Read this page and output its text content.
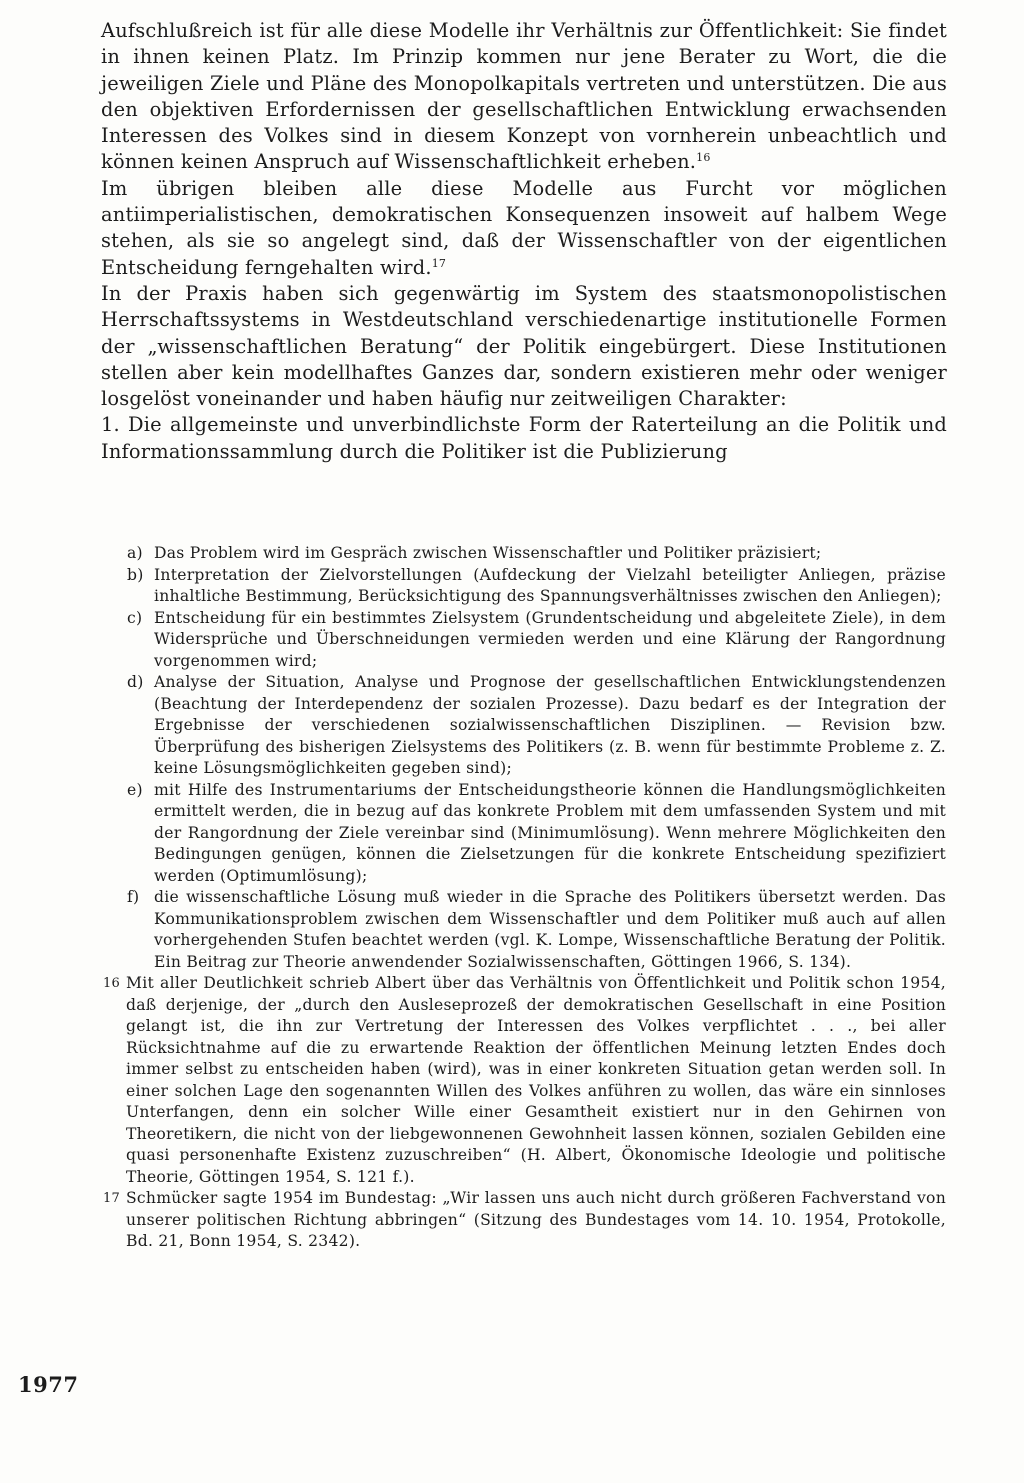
Aufschlußreich ist für alle diese Modelle ihr Verhältnis zur Öffentlichkeit: Sie findet in ihnen keinen Platz. Im Prinzip kommen nur jene Berater zu Wort, die die jeweiligen Ziele und Pläne des Monopolkapitals vertreten und unterstützen. Die aus den objektiven Erfordernissen der gesellschaftlichen Entwicklung erwachsenden Interessen des Volkes sind in diesem Konzept von vornherein unbeachtlich und können keinen Anspruch auf Wissenschaftlichkeit erheben.$^{16}$

Im übrigen bleiben alle diese Modelle aus Furcht vor möglichen antiimperialistischen, demokratischen Konsequenzen insoweit auf halbem Wege stehen, als sie so angelegt sind, daß der Wissenschaftler von der eigentlichen Entscheidung ferngehalten wird.$^{17}$

In der Praxis haben sich gegenwärtig im System des staatsmonopolistischen Herrschaftssystems in Westdeutschland verschiedenartige institutionelle Formen der „wissenschaftlichen Beratung“ der Politik eingebürgert. Diese Institutionen stellen aber kein modellhaftes Ganzes dar, sondern existieren mehr oder weniger losgelöst voneinander und haben häufig nur zeitweiligen Charakter:

1. Die allgemeinste und unverbindlichste Form der Raterteilung an die Politik und Informationssammlung durch die Politiker ist die Publizierung

a) Das Problem wird im Gespräch zwischen Wissenschaftler und Politiker präzisiert;

b) Interpretation der Zielvorstellungen (Aufdeckung der Vielzahl beteiligter Anliegen, präzise inhaltliche Bestimmung, Berücksichtigung des Spannungsverhältnisses zwischen den Anliegen);

c) Entscheidung für ein bestimmtes Zielsystem (Grundentscheidung und abgeleitete Ziele), in dem Widersprüche und Überschneidungen vermieden werden und eine Klärung der Rangordnung vorgenommen wird;

d) Analyse der Situation, Analyse und Prognose der gesellschaftlichen Entwicklungstendenzen (Beachtung der Interdependenz der sozialen Prozesse). Dazu bedarf es der Integration der Ergebnisse der verschiedenen sozialwissenschaftlichen Disziplinen. — Revision bzw. Überprüfung des bisherigen Zielsystems des Politikers (z. B. wenn für bestimmte Probleme z. Z. keine Lösungsmöglichkeiten gegeben sind);

e) mit Hilfe des Instrumentariums der Entscheidungstheorie können die Handlungsmöglichkeiten ermittelt werden, die in bezug auf das konkrete Problem mit dem umfassenden System und mit der Rangordnung der Ziele vereinbar sind (Minimumlösung). Wenn mehrere Möglichkeiten den Bedingungen genügen, können die Zielsetzungen für die konkrete Entscheidung spezifiziert werden (Optimumlösung);

f) die wissenschaftliche Lösung muß wieder in die Sprache des Politikers übersetzt werden. Das Kommunikationsproblem zwischen dem Wissenschaftler und dem Politiker muß auch auf allen vorhergehenden Stufen beachtet werden (vgl. K. Lompe, Wissenschaftliche Beratung der Politik. Ein Beitrag zur Theorie anwendender Sozialwissenschaften, Göttingen 1966, S. 134).

16 Mit aller Deutlichkeit schrieb Albert über das Verhältnis von Öffentlichkeit und Politik schon 1954, daß derjenige, der „durch den Ausleseprozeß der demokratischen Gesellschaft in eine Position gelangt ist, die ihn zur Vertretung der Interessen des Volkes verpflichtet . . ., bei aller Rücksichtnahme auf die zu erwartende Reaktion der öffentlichen Meinung letzten Endes doch immer selbst zu entscheiden haben (wird), was in einer konkreten Situation getan werden soll. In einer solchen Lage den sogenannten Willen des Volkes anführen zu wollen, das wäre ein sinnloses Unterfangen, denn ein solcher Wille einer Gesamtheit existiert nur in den Gehirnen von Theoretikern, die nicht von der liebgewonnenen Gewohnheit lassen können, sozialen Gebilden eine quasi personenhafte Existenz zuzuschreiben“ (H. Albert, Ökonomische Ideologie und politische Theorie, Göttingen 1954, S. 121 f.).

17 Schmücker sagte 1954 im Bundestag: „Wir lassen uns auch nicht durch größeren Fachverstand von unserer politischen Richtung abbringen“ (Sitzung des Bundestages vom 14. 10. 1954, Protokolle, Bd. 21, Bonn 1954, S. 2342).

1977
